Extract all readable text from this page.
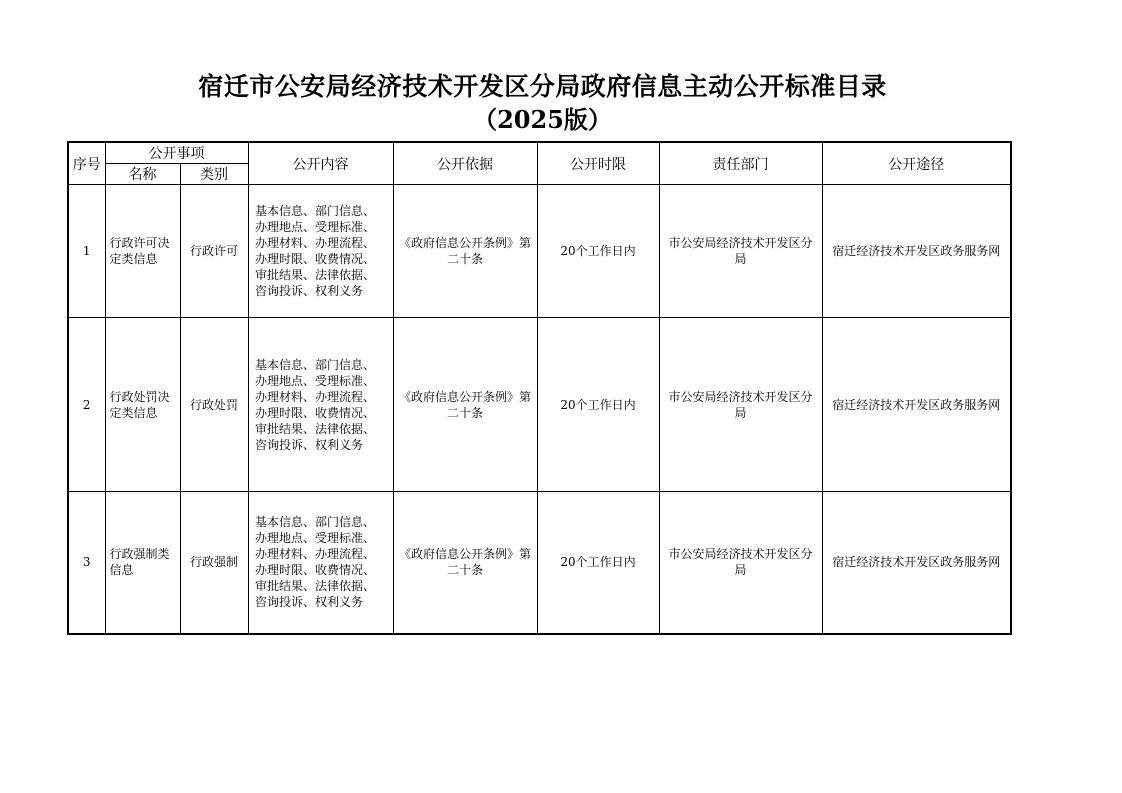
宿迁市公安局经济技术开发区分局政府信息主动公开标准目录
（2025版）
序号	公开事项		公开内容	公开依据	公开时限	责任部门	公开途径
	名称	类别					
1	行政许可决定类信息	行政许可	基本信息、部门信息、办理地点、受理标准、办理材料、办理流程、办理时限、收费情况、审批结果、法律依据、咨询投诉、权利义务	《政府信息公开条例》第二十条	20个工作日内	市公安局经济技术开发区分局	宿迁经济技术开发区政务服务网
2	行政处罚决定类信息	行政处罚	基本信息、部门信息、办理地点、受理标准、办理材料、办理流程、办理时限、收费情况、审批结果、法律依据、咨询投诉、权利义务	《政府信息公开条例》第二十条	20个工作日内	市公安局经济技术开发区分局	宿迁经济技术开发区政务服务网
3	行政强制类信息	行政强制	基本信息、部门信息、办理地点、受理标准、办理材料、办理流程、办理时限、收费情况、审批结果、法律依据、咨询投诉、权利义务	《政府信息公开条例》第二十条	20个工作日内	市公安局经济技术开发区分局	宿迁经济技术开发区政务服务网
